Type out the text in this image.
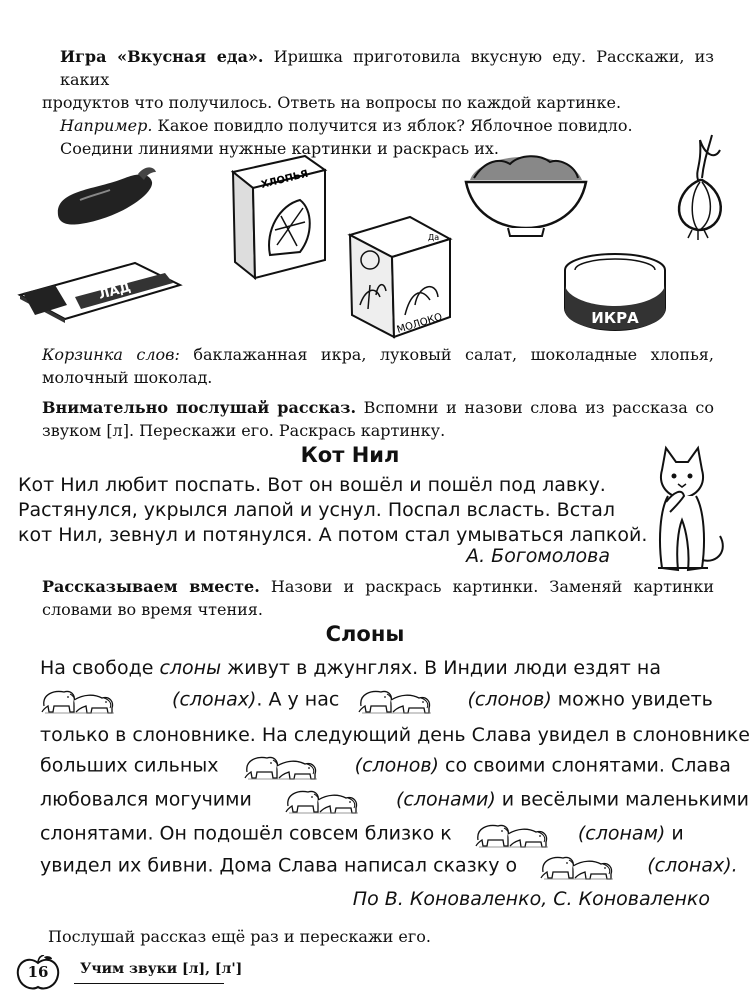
Игра «Вкусная еда». Иришка приготовила вкусную еду. Расскажи, из каких
продуктов что получилось. Ответь на вопросы по каждой картинке.
Например. Какое повидло получится из яблок? Яблочное повидло.
Соедини линиями нужные картинки и раскрась их.
ХЛОПЬЯ
ЛАД
МОЛОКО
Да
ИКРА
Корзинка слов: баклажанная икра, луковый салат, шоколадные хлопья, молочный шоколад.
Внимательно послушай рассказ. Вспомни и назови слова из рассказа со звуком [л]. Перескажи его. Раскрась картинку.
Кот Нил
Кот Нил любит поспать. Вот он вошёл и пошёл под лавку.
Растянулся, укрылся лапой и уснул. Поспал всласть. Встал
кот Нил, зевнул и потянулся. А потом стал умываться лапкой.
А. Богомолова
Рассказываем вместе. Назови и раскрась картинки. Заменяй картинки словами во время чтения.
Слоны
На свободе слоны живут в джунглях. В Индии люди ездят на
(слонах). А у нас	(слонов) можно увидеть
только в слоновнике. На следующий день Слава увидел в слоновнике
больших сильных	(слонов) со своими слонятами. Слава
любовался могучими	(слонами) и весёлыми маленькими
слонятами. Он подошёл совсем близко к	(слонам) и
увидел их бивни. Дома Слава написал сказку о	(слонах).
По В. Коноваленко, С. Коноваленко
Послушай рассказ ещё раз и перескажи его.
16	Учим звуки [л], [л']
